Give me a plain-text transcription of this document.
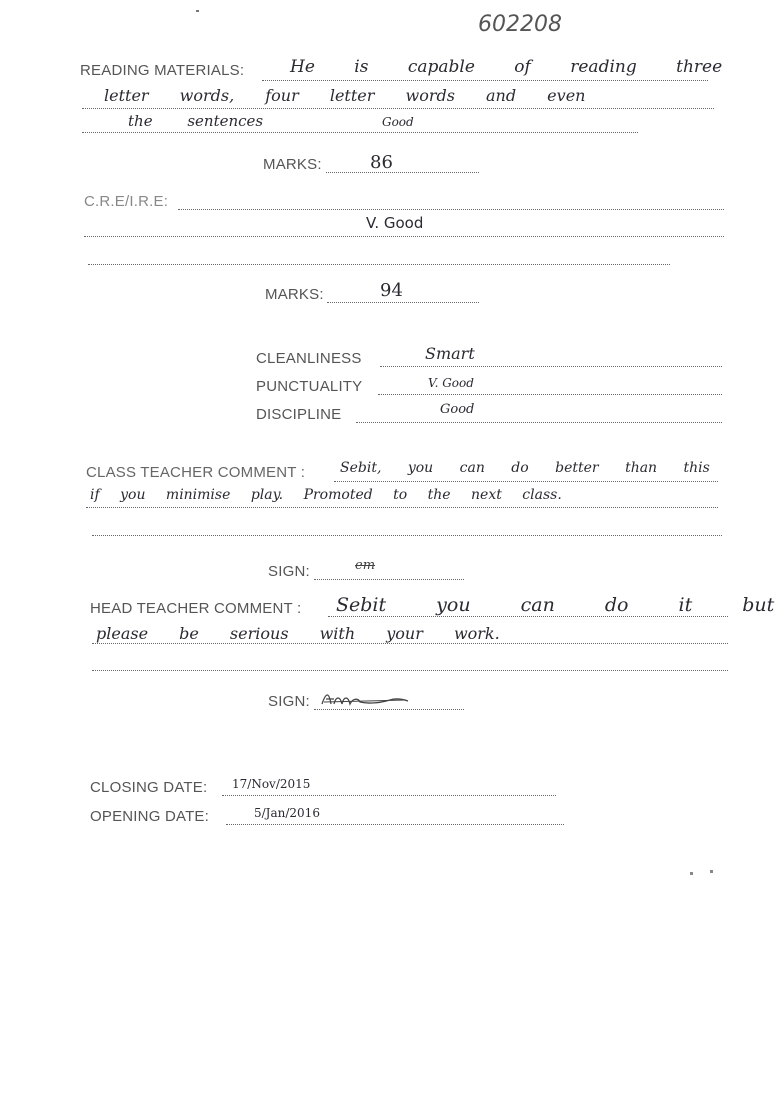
602208
READING MATERIALS:	He is capable of reading three
letter words, four letter words and even
the sentences	Good
MARKS:	86
C.R.E/I.R.E:
V. Good
MARKS:	94
CLEANLINESS	Smart
PUNCTUALITY	V. Good
DISCIPLINE	Good
CLASS TEACHER COMMENT : Sebit, you can do better than this
if you minimise play. Promoted to the next class.
SIGN:	em
HEAD TEACHER COMMENT : Sebit you can do it but
please be serious with your work.
SIGN:
CLOSING DATE: 17/Nov/2015
OPENING DATE:	5/Jan/2016
